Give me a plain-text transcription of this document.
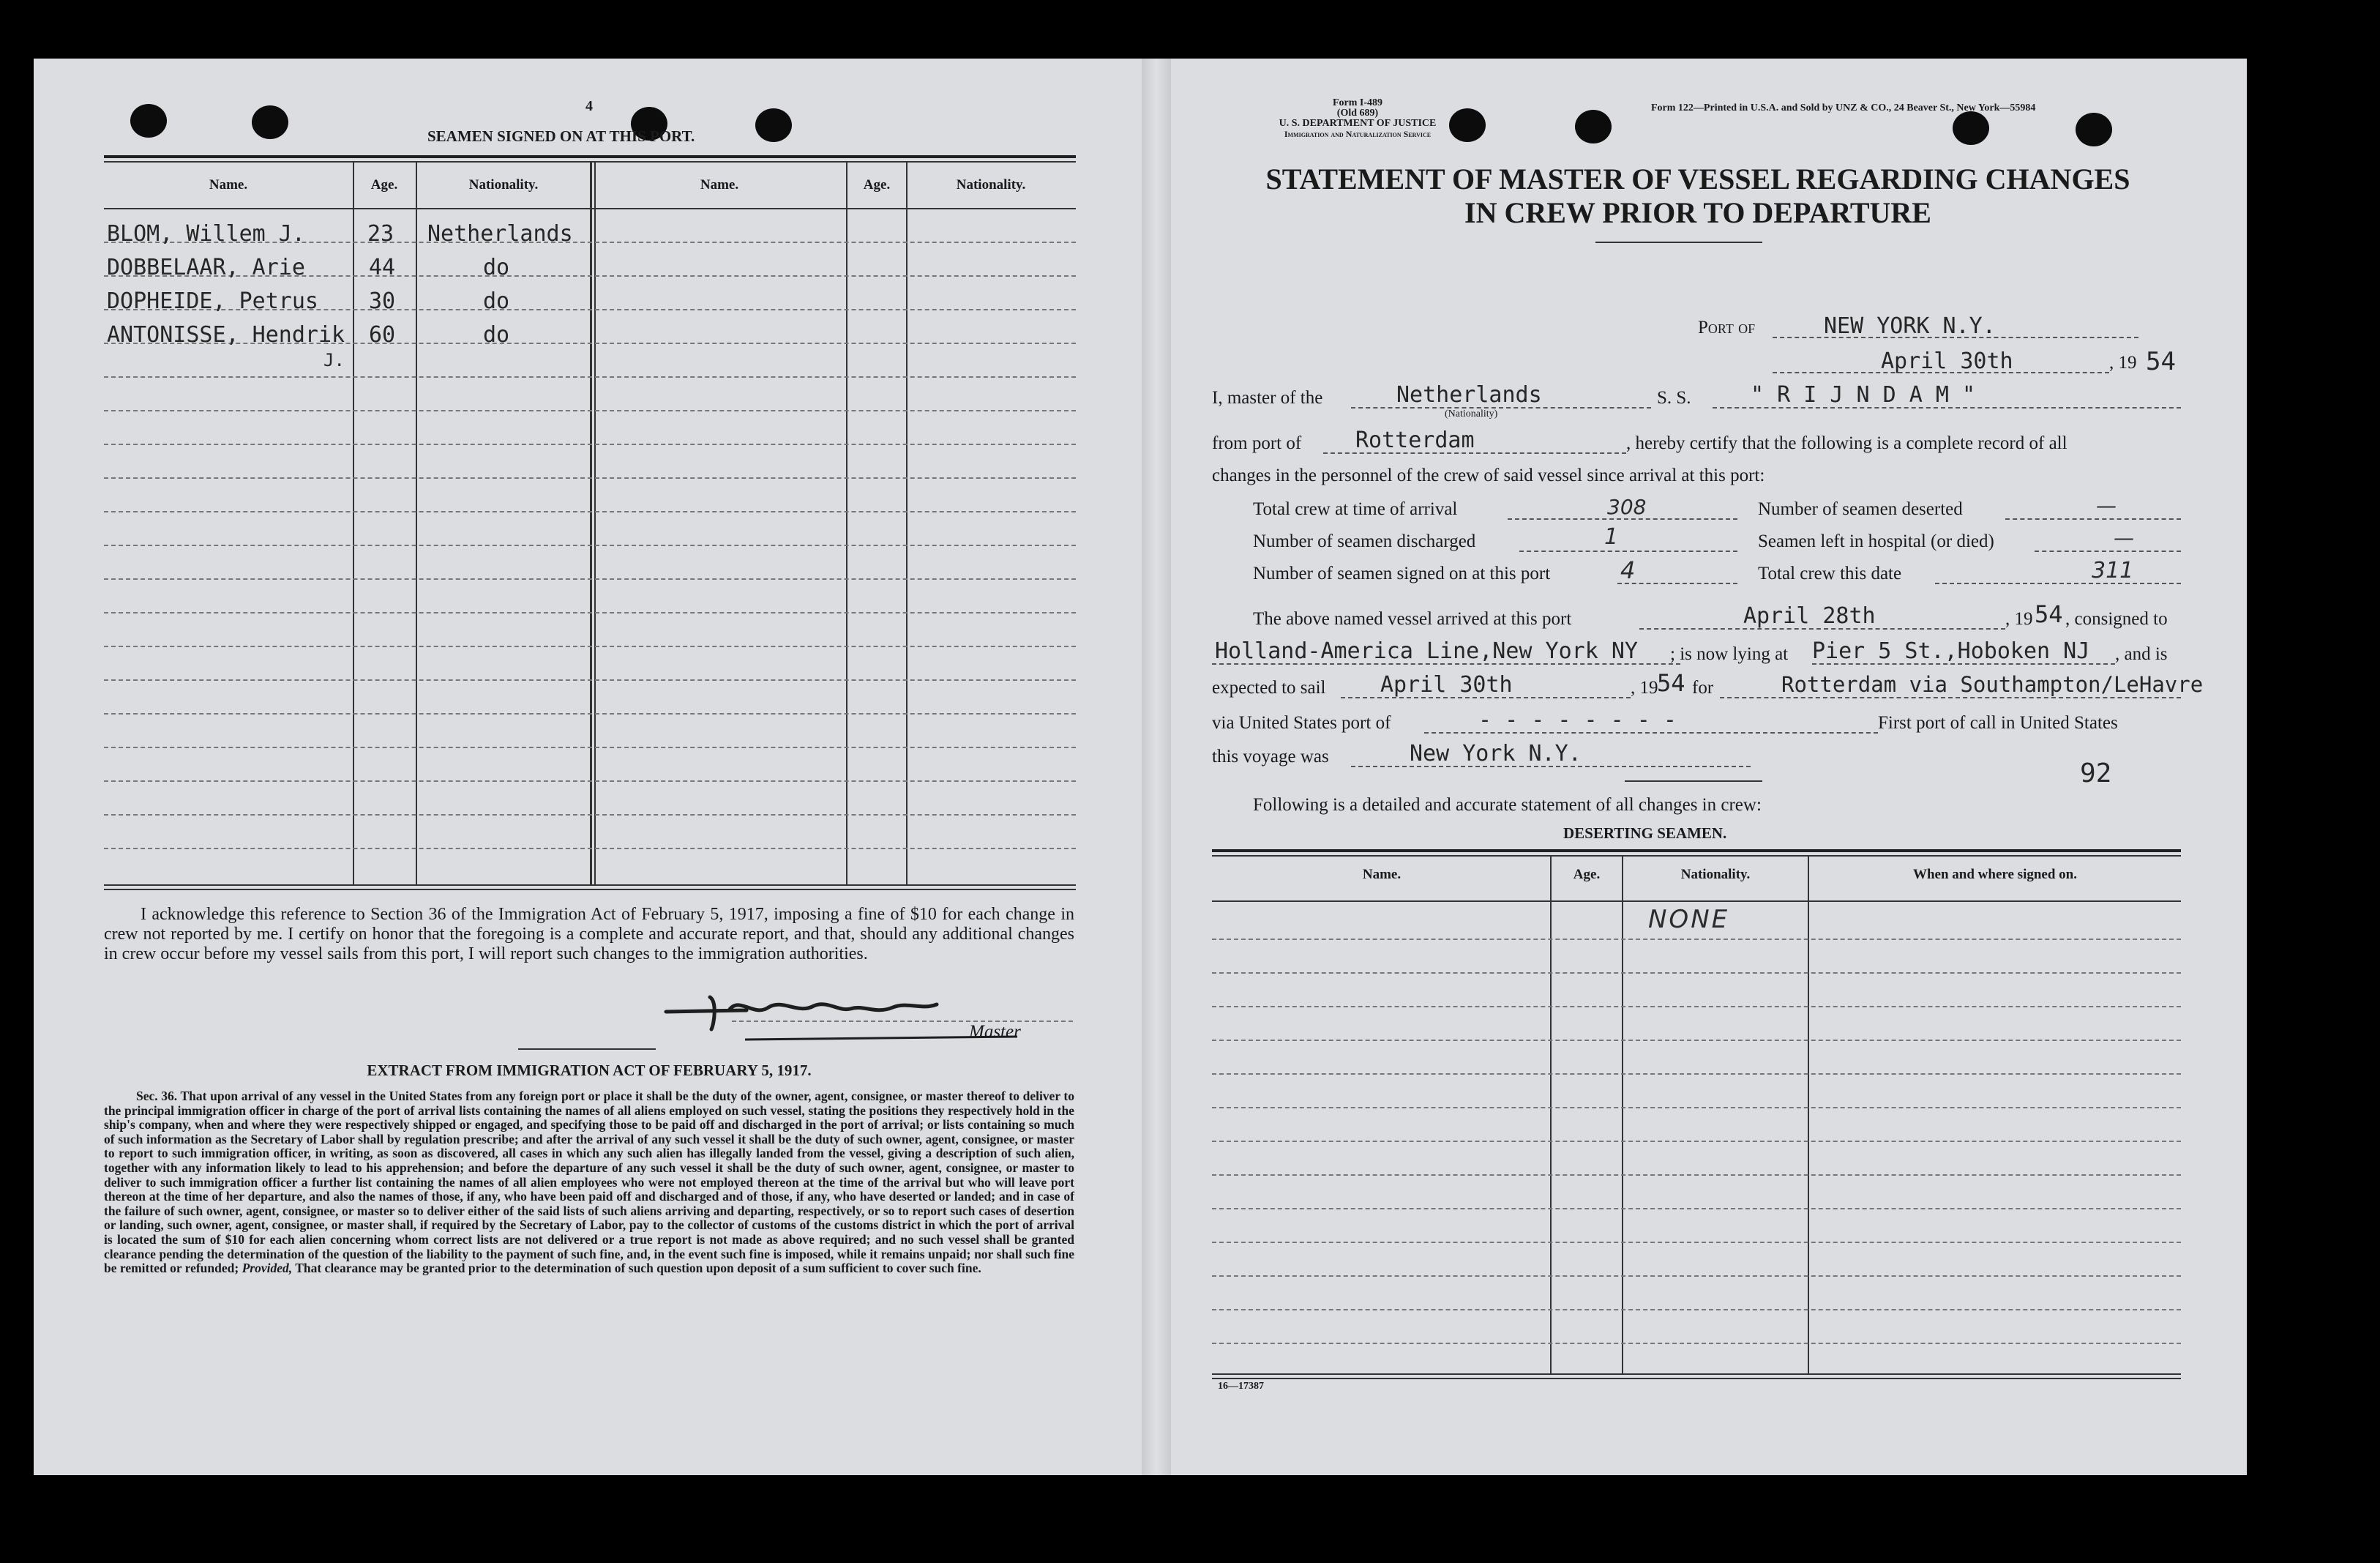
4
SEAMEN SIGNED ON AT THIS PORT.
Name.	Age.	Nationality.	Name.	Age.	Nationality.
BLOM, Willem J.	23 Netherlands
DOBBELAAR, Arie	44	do
DOPHEIDE, Petrus 30	do
ANTONISSE, Hendrik 60	do
J.
I acknowledge this reference to Section 36 of the Immigration Act of February 5, 1917, imposing a fine of $10 for each change in crew not reported by me. I certify on honor that the foregoing is a complete and accurate report, and that, should any additional changes in crew occur before my vessel sails from this port, I will report such changes to the immigration authorities.
Master
EXTRACT FROM IMMIGRATION ACT OF FEBRUARY 5, 1917.
Sec. 36. That upon arrival of any vessel in the United States from any foreign port or place it shall be the duty of the owner, agent, consignee, or master thereof to deliver to the principal immigration officer in charge of the port of arrival lists containing the names of all aliens employed on such vessel, stating the positions they respectively hold in the ship's company, when and where they were respectively shipped or engaged, and specifying those to be paid off and discharged in the port of arrival; or lists containing so much of such information as the Secretary of Labor shall by regulation prescribe; and after the arrival of any such vessel it shall be the duty of such owner, agent, consignee, or master to report to such immigration officer, in writing, as soon as discovered, all cases in which any such alien has illegally landed from the vessel, giving a description of such alien, together with any information likely to lead to his apprehension; and before the departure of any such vessel it shall be the duty of such owner, agent, consignee, or master to deliver to such immigration officer a further list containing the names of all alien employees who were not employed thereon at the time of the arrival but who will leave port thereon at the time of her departure, and also the names of those, if any, who have been paid off and discharged and of those, if any, who have deserted or landed; and in case of the failure of such owner, agent, consignee, or master so to deliver either of the said lists of such aliens arriving and departing, respectively, or so to report such cases of desertion or landing, such owner, agent, consignee, or master shall, if required by the Secretary of Labor, pay to the collector of customs of the customs district in which the port of arrival is located the sum of $10 for each alien concerning whom correct lists are not delivered or a true report is not made as above required; and no such vessel shall be granted clearance pending the determination of the question of the liability to the payment of such fine, and, in the event such fine is imposed, while it remains unpaid; nor shall such fine be remitted or refunded; Provided, That clearance may be granted prior to the determination of such question upon deposit of a sum sufficient to cover such fine.
Form I-489
(Old 689)
U. S. DEPARTMENT OF JUSTICE
Immigration and Naturalization Service
Form 122—Printed in U.S.A. and Sold by UNZ & CO., 24 Beaver St., New York—55984
STATEMENT OF MASTER OF VESSEL REGARDING CHANGES
IN CREW PRIOR TO DEPARTURE
Port of	NEW YORK N.Y.
April 30th	, 19 54
I, master of the	Netherlands
(Nationality)
S. S.	" R I J N D A M "
from port of Rotterdam	, hereby certify that the following is a complete record of all
changes in the personnel of the crew of said vessel since arrival at this port:
Total crew at time of arrival	308	Number of seamen deserted	—
Number of seamen discharged	1	Seamen left in hospital (or died)	—
Number of seamen signed on at this port	4	Total crew this date	311
The above named vessel arrived at this port	April 28th	, 19 54 , consigned to
Holland-America Line,New York NY ; is now lying at Pier 5 St.,Hoboken NJ , and is
expected to sail April 30th	, 19
54 for	Rotterdam via Southampton/LeHavre
via United States port of	- - - - - - - -	First port of call in United States
this voyage was	New York N.Y.
92
Following is a detailed and accurate statement of all changes in crew:
DESERTING SEAMEN.
Name.	Age.	Nationality.	When and where signed on.
NONE
16—17387
